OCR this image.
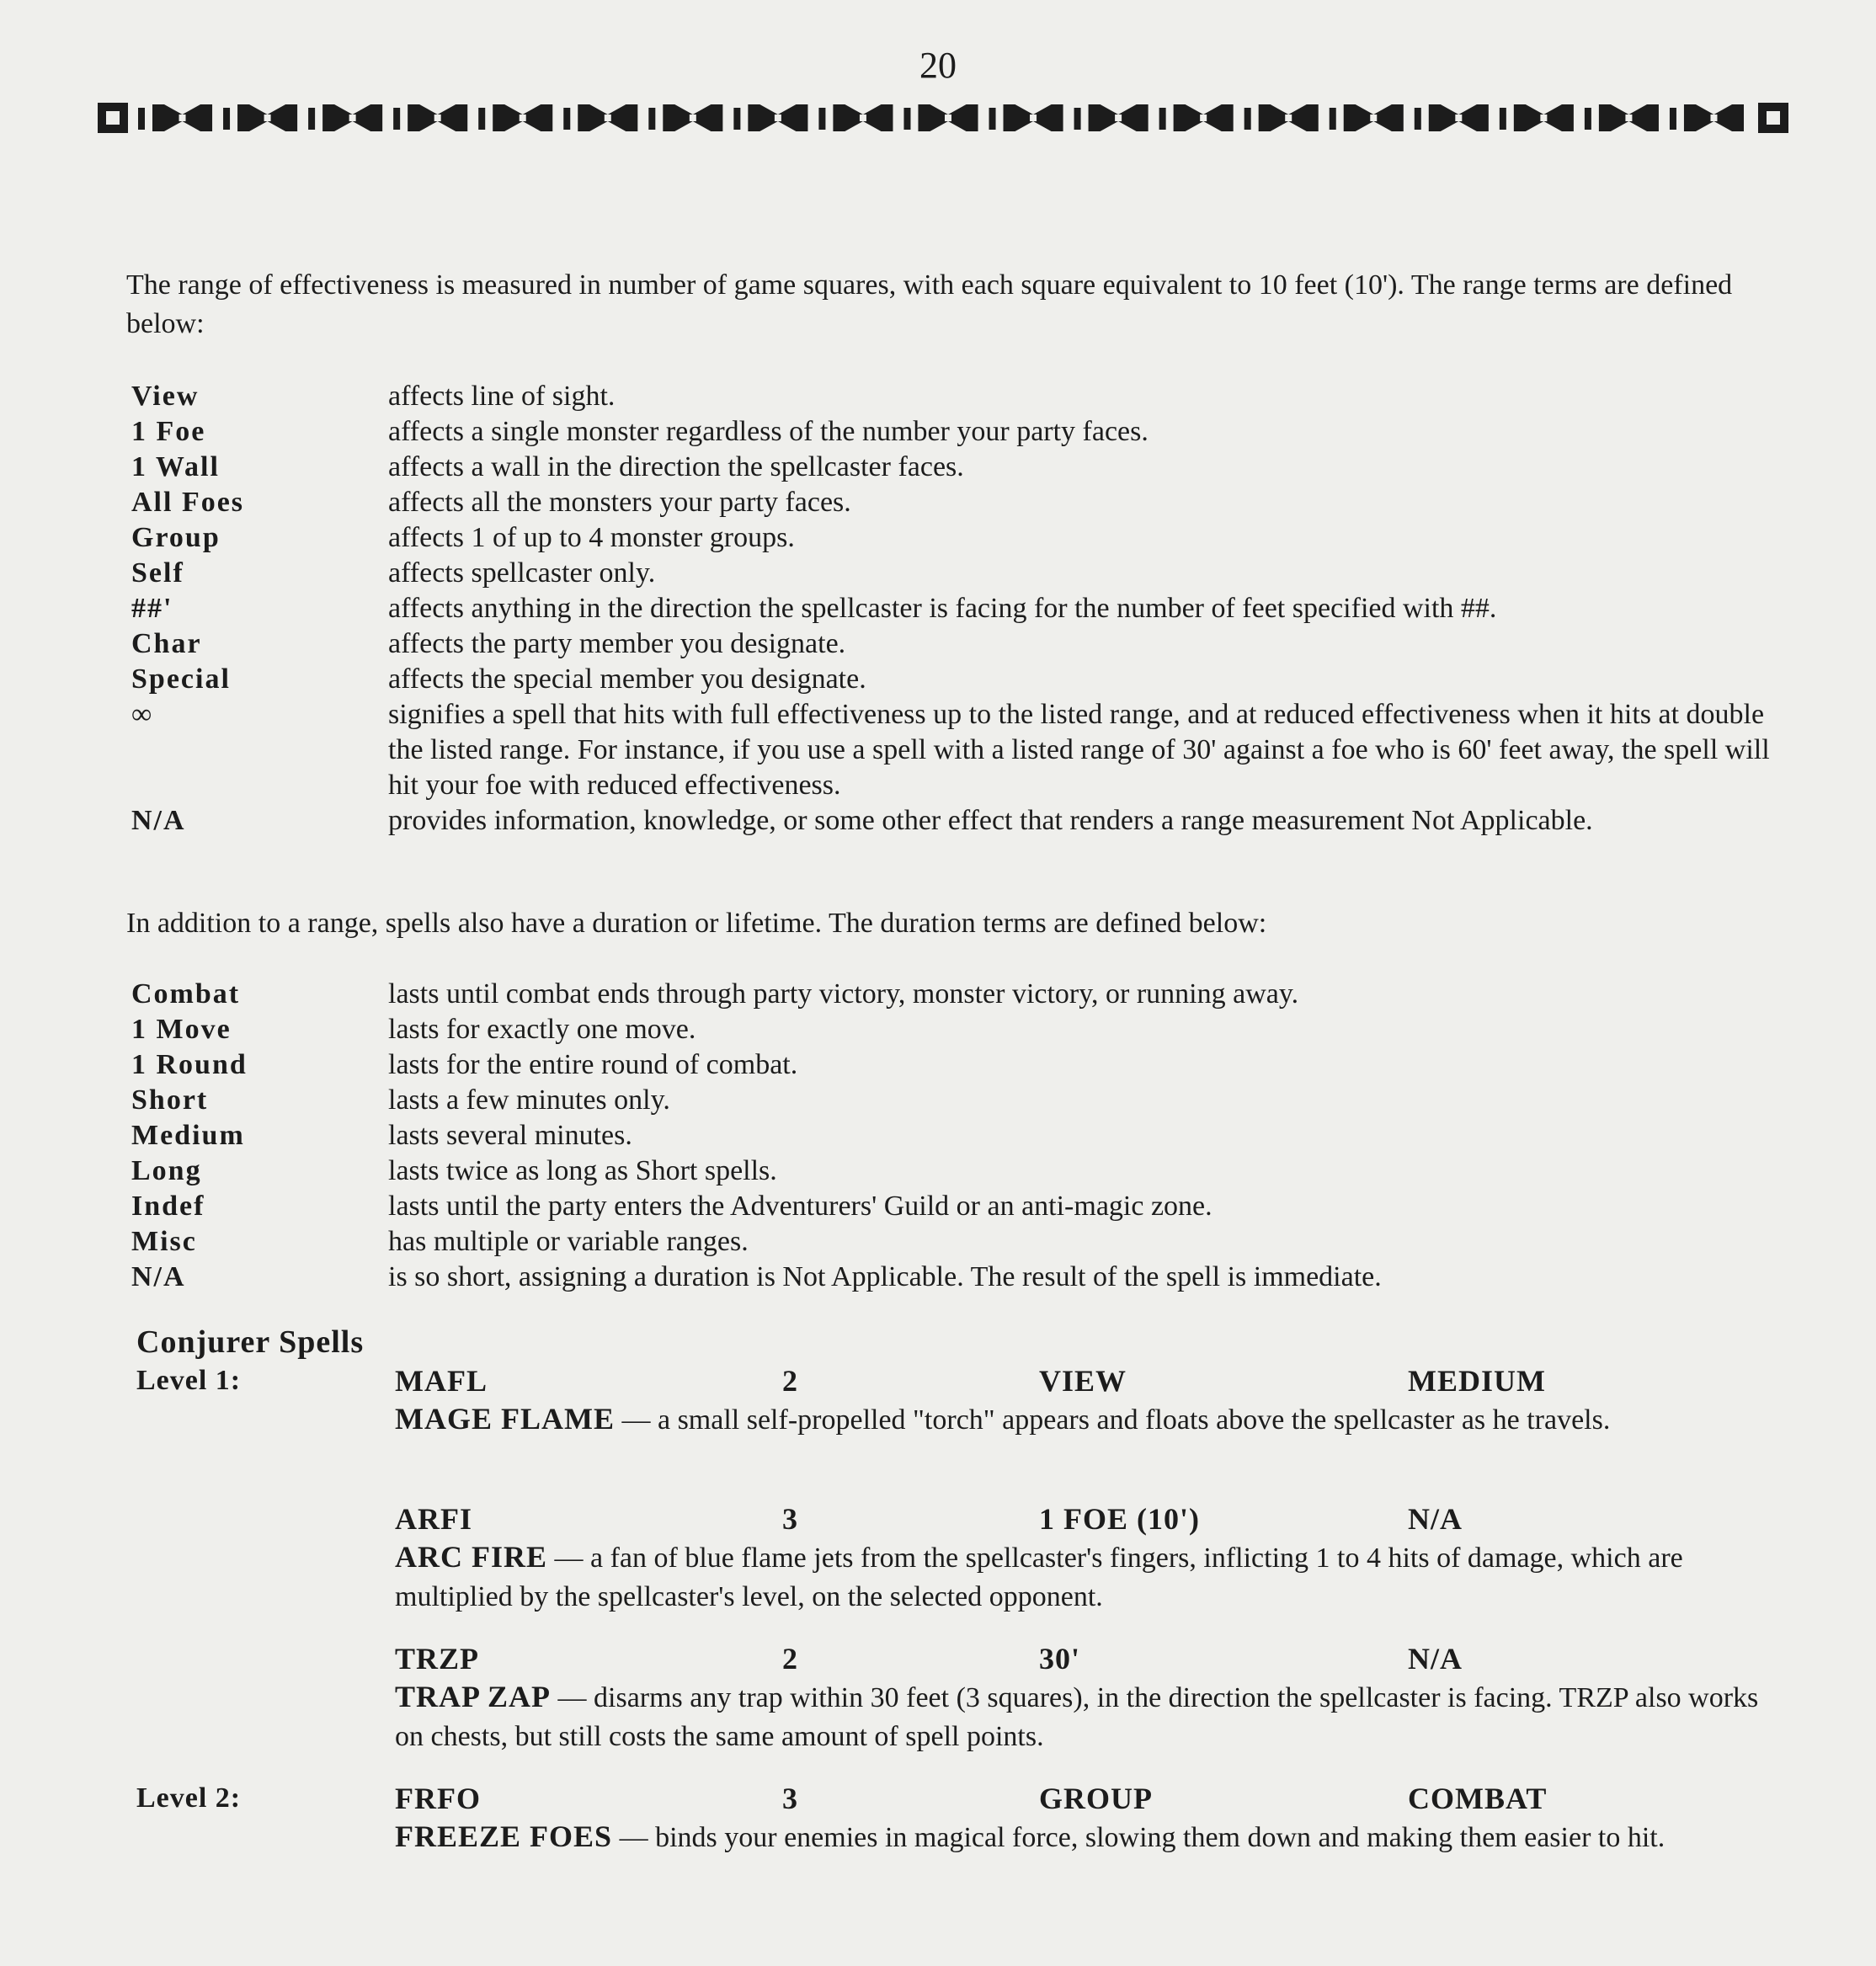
20
The range of effectiveness is measured in number of game squares, with each square equivalent to 10 feet (10'). The range terms are defined below:
View	affects line of sight.
1 Foe	affects a single monster regardless of the number your party faces.
1 Wall	affects a wall in the direction the spellcaster faces.
All Foes	affects all the monsters your party faces.
Group	affects 1 of up to 4 monster groups.
Self	affects spellcaster only.
##'	affects anything in the direction the spellcaster is facing for the number of feet specified with ##.
Char	affects the party member you designate.
Special	affects the special member you designate.
∞	signifies a spell that hits with full effectiveness up to the listed range, and at reduced effectiveness when it hits at double the listed range. For instance, if you use a spell with a listed range of 30' against a foe who is 60' feet away, the spell will hit your foe with reduced effectiveness.
N/A	provides information, knowledge, or some other effect that renders a range measurement Not Applicable.
In addition to a range, spells also have a duration or lifetime. The duration terms are defined below:
Combat	lasts until combat ends through party victory, monster victory, or running away.
1 Move	lasts for exactly one move.
1 Round	lasts for the entire round of combat.
Short	lasts a few minutes only.
Medium	lasts several minutes.
Long	lasts twice as long as Short spells.
Indef	lasts until the party enters the Adventurers' Guild or an anti-magic zone.
Misc	has multiple or variable ranges.
N/A	is so short, assigning a duration is Not Applicable. The result of the spell is immediate.
Conjurer Spells
Level 1:	MAFL	2	VIEW	MEDIUM
MAGE FLAME — a small self-propelled "torch" appears and floats above the spellcaster as he travels.
ARFI	3	1 FOE (10')	N/A
ARC FIRE — a fan of blue flame jets from the spellcaster's fingers, inflicting 1 to 4 hits of damage, which are multiplied by the spellcaster's level, on the selected opponent.
TRZP	2	30'	N/A
TRAP ZAP — disarms any trap within 30 feet (3 squares), in the direction the spellcaster is facing. TRZP also works on chests, but still costs the same amount of spell points.
Level 2:	FRFO	3	GROUP	COMBAT
FREEZE FOES — binds your enemies in magical force, slowing them down and making them easier to hit.
